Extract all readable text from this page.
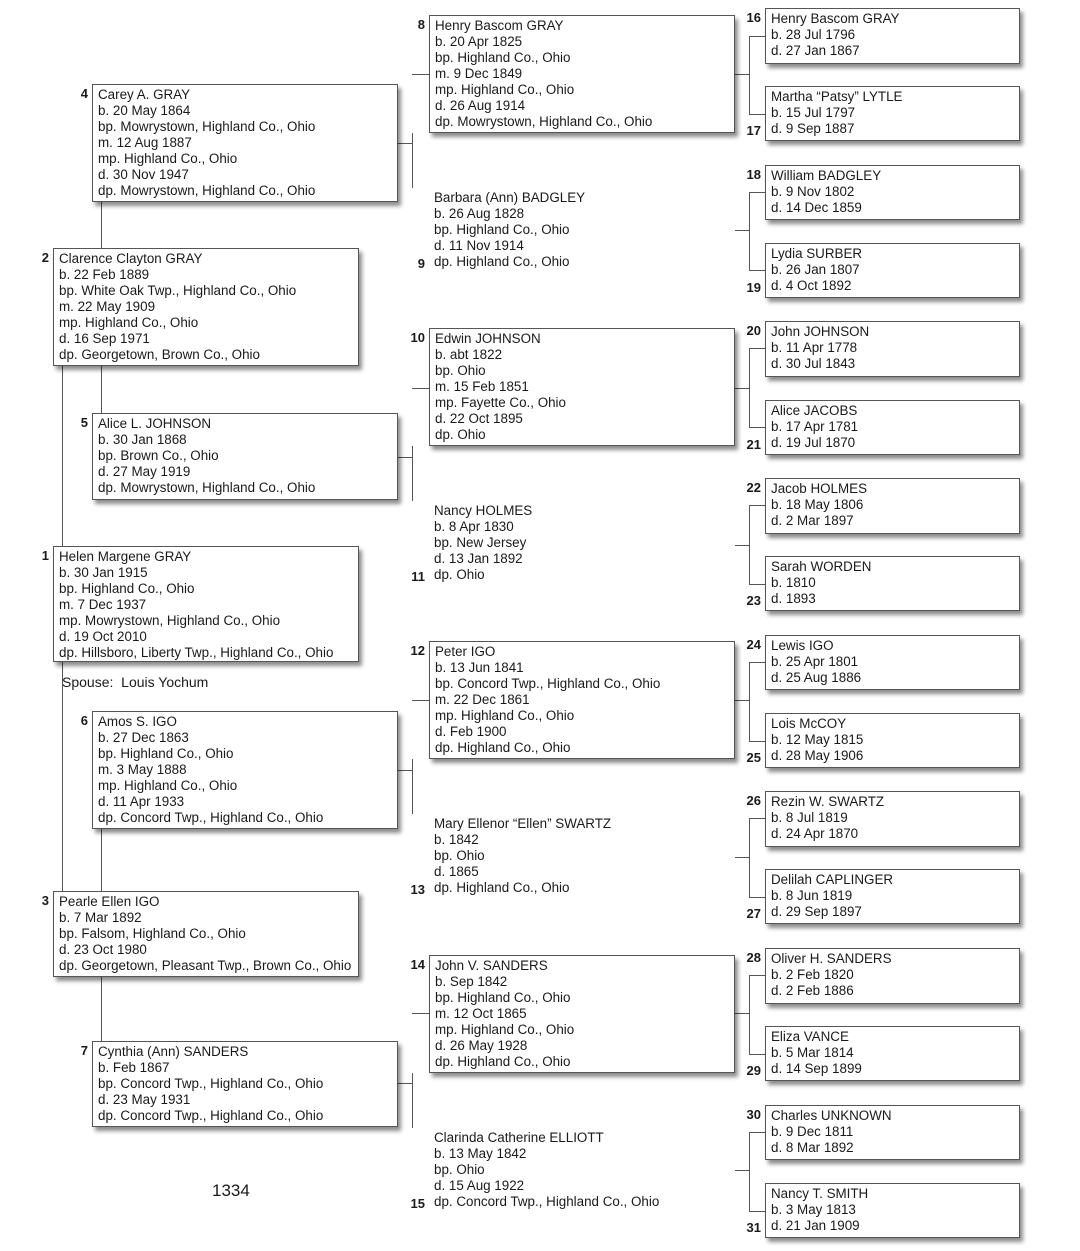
Helen Margene GRAY
b. 30 Jan 1915
bp. Highland Co., Ohio
m. 7 Dec 1937
mp. Mowrystown, Highland Co., Ohio
d. 19 Oct 2010
dp. Hillsboro, Liberty Twp., Highland Co., Ohio
1
Clarence Clayton GRAY
b. 22 Feb 1889
bp. White Oak Twp., Highland Co., Ohio
m. 22 May 1909
mp. Highland Co., Ohio
d. 16 Sep 1971
dp. Georgetown, Brown Co., Ohio
2
Pearle Ellen IGO
b. 7 Mar 1892
bp. Falsom, Highland Co., Ohio
d. 23 Oct 1980
dp. Georgetown, Pleasant Twp., Brown Co., Ohio
3
Carey A. GRAY
b. 20 May 1864
bp. Mowrystown, Highland Co., Ohio
m. 12 Aug 1887
mp. Highland Co., Ohio
d. 30 Nov 1947
dp. Mowrystown, Highland Co., Ohio
4
Alice L. JOHNSON
b. 30 Jan 1868
bp. Brown Co., Ohio
d. 27 May 1919
dp. Mowrystown, Highland Co., Ohio
5
Amos S. IGO
b. 27 Dec 1863
bp. Highland Co., Ohio
m. 3 May 1888
mp. Highland Co., Ohio
d. 11 Apr 1933
dp. Concord Twp., Highland Co., Ohio
6
Cynthia (Ann) SANDERS
b. Feb 1867
bp. Concord Twp., Highland Co., Ohio
d. 23 May 1931
dp. Concord Twp., Highland Co., Ohio
7
Henry Bascom GRAY
b. 20 Apr 1825
bp. Highland Co., Ohio
m. 9 Dec 1849
mp. Highland Co., Ohio
d. 26 Aug 1914
dp. Mowrystown, Highland Co., Ohio
8
Barbara (Ann) BADGLEY
b. 26 Aug 1828
bp. Highland Co., Ohio
d. 11 Nov 1914
dp. Highland Co., Ohio
9
Edwin JOHNSON
b. abt 1822
bp. Ohio
m. 15 Feb 1851
mp. Fayette Co., Ohio
d. 22 Oct 1895
dp. Ohio
10
Nancy HOLMES
b. 8 Apr 1830
bp. New Jersey
d. 13 Jan 1892
dp. Ohio
11
Peter IGO
b. 13 Jun 1841
bp. Concord Twp., Highland Co., Ohio
m. 22 Dec 1861
mp. Highland Co., Ohio
d. Feb 1900
dp. Highland Co., Ohio
12
Mary Ellenor “Ellen” SWARTZ
b. 1842
bp. Ohio
d. 1865
dp. Highland Co., Ohio
13
John V. SANDERS
b. Sep 1842
bp. Highland Co., Ohio
m. 12 Oct 1865
mp. Highland Co., Ohio
d. 26 May 1928
dp. Highland Co., Ohio
14
Clarinda Catherine ELLIOTT
b. 13 May 1842
bp. Ohio
d. 15 Aug 1922
dp. Concord Twp., Highland Co., Ohio
15
Henry Bascom GRAY
b. 28 Jul 1796
d. 27 Jan 1867
16
Martha “Patsy” LYTLE
b. 15 Jul 1797
d. 9 Sep 1887
17
William BADGLEY
b. 9 Nov 1802
d. 14 Dec 1859
18
Lydia SURBER
b. 26 Jan 1807
d. 4 Oct 1892
19
John JOHNSON
b. 11 Apr 1778
d. 30 Jul 1843
20
Alice JACOBS
b. 17 Apr 1781
d. 19 Jul 1870
21
Jacob HOLMES
b. 18 May 1806
d. 2 Mar 1897
22
Sarah WORDEN
b. 1810
d. 1893
23
Lewis IGO
b. 25 Apr 1801
d. 25 Aug 1886
24
Lois McCOY
b. 12 May 1815
d. 28 May 1906
25
Rezin W. SWARTZ
b. 8 Jul 1819
d. 24 Apr 1870
26
Delilah CAPLINGER
b. 8 Jun 1819
d. 29 Sep 1897
27
Oliver H. SANDERS
b. 2 Feb 1820
d. 2 Feb 1886
28
Eliza VANCE
b. 5 Mar 1814
d. 14 Sep 1899
29
Charles UNKNOWN
b. 9 Dec 1811
d. 8 Mar 1892
30
Nancy T. SMITH
b. 3 May 1813
d. 21 Jan 1909
31
Spouse: Louis Yochum
1334
